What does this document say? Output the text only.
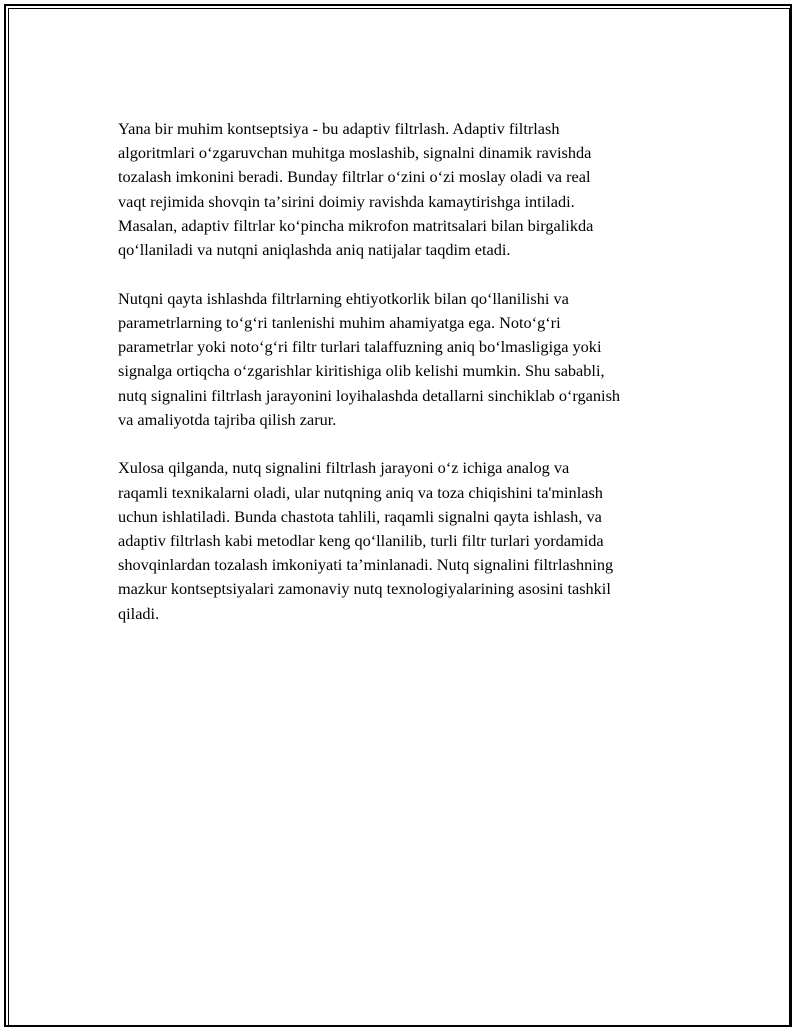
Yana bir muhim kontseptsiya - bu adaptiv filtrlash. Adaptiv filtrlash
algoritmlari oʻzgaruvchan muhitga moslashib, signalni dinamik ravishda
tozalash imkonini beradi. Bunday filtrlar oʻzini oʻzi moslay oladi va real
vaqt rejimida shovqin taʼsirini doimiy ravishda kamaytirishga intiladi.
Masalan, adaptiv filtrlar koʻpincha mikrofon matritsalari bilan birgalikda
qoʻllaniladi va nutqni aniqlashda aniq natijalar taqdim etadi.

Nutqni qayta ishlashda filtrlarning ehtiyotkorlik bilan qoʻllanilishi va
parametrlarning toʻgʻri tanlenishi muhim ahamiyatga ega. Notoʻgʻri
parametrlar yoki notoʻgʻri filtr turlari talaffuzning aniq boʻlmasligiga yoki
signalga ortiqcha oʻzgarishlar kiritishiga olib kelishi mumkin. Shu sababli,
nutq signalini filtrlash jarayonini loyihalashda detallarni sinchiklab oʻrganish
va amaliyotda tajriba qilish zarur.

Xulosa qilganda, nutq signalini filtrlash jarayoni oʻz ichiga analog va
raqamli texnikalarni oladi, ular nutqning aniq va toza chiqishini ta'minlash
uchun ishlatiladi. Bunda chastota tahlili, raqamli signalni qayta ishlash, va
adaptiv filtrlash kabi metodlar keng qoʻllanilib, turli filtr turlari yordamida
shovqinlardan tozalash imkoniyati taʼminlanadi. Nutq signalini filtrlashning
mazkur kontseptsiyalari zamonaviy nutq texnologiyalarining asosini tashkil
qiladi.
